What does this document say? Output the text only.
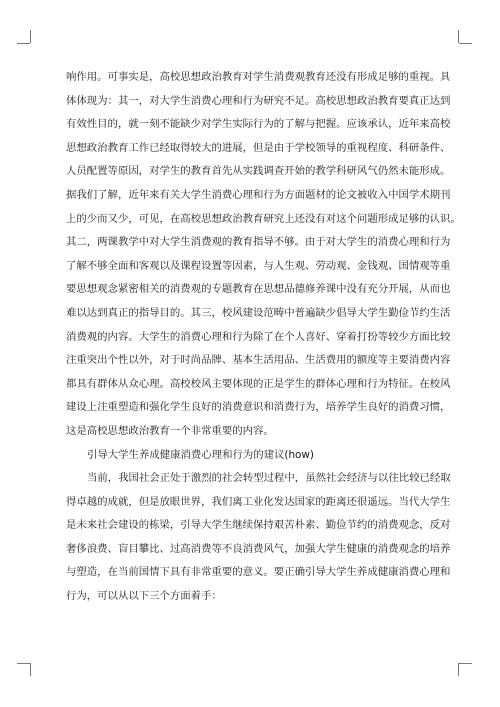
响作用。可事实是，高校思想政治教育对学生消费观教育还没有形成足够的重视。具
体体现为：其一，对大学生消费心理和行为研究不足。高校思想政治教育要真正达到
有效性目的，就一刻不能缺少对学生实际行为的了解与把握。应该承认，近年来高校
思想政治教育工作已经取得较大的进展，但是由于学校领导的重视程度、科研条件、
人员配置等原因，对学生的教育首先从实践调查开始的教学科研风气仍然未能形成。
据我们了解，近年来有关大学生消费心理和行为方面题材的论文被收入中国学术期刊
上的少而又少，可见，在高校思想政治教育研究上还没有对这个问题形成足够的认识。
其二，两课教学中对大学生消费观的教育指导不够。由于对大学生的消费心理和行为
了解不够全面和客观以及课程设置等因素，与人生观、劳动观、金钱观、国情观等重
要思想观念紧密相关的消费观的专题教育在思想品德修养课中没有充分开展，从而也
难以达到真正的指导目的。其三，校风建设范畴中普遍缺少倡导大学生勤俭节约生活
消费观的内容。大学生的消费心理和行为除了在个人喜好、穿着打扮等较少方面比较
注重突出个性以外，对于时尚品牌、基本生活用品、生活费用的额度等主要消费内容
都具有群体从众心理。高校校风主要体现的正是学生的群体心理和行为特征。在校风
建设上注重塑造和强化学生良好的消费意识和消费行为，培养学生良好的消费习惯，
这是高校思想政治教育一个非常重要的内容。
引导大学生养成健康消费心理和行为的建议(how)
当前，我国社会正处于激烈的社会转型过程中，虽然社会经济与以往比较已经取
得卓越的成就，但是放眼世界，我们离工业化发达国家的距离还很遥远。当代大学生
是未来社会建设的栋梁，引导大学生继续保持艰苦朴素、勤俭节约的消费观念，反对
奢侈浪费、盲目攀比、过高消费等不良消费风气，加强大学生健康的消费观念的培养
与塑造，在当前国情下具有非常重要的意义。要正确引导大学生养成健康消费心理和
行为，可以从以下三个方面着手：
